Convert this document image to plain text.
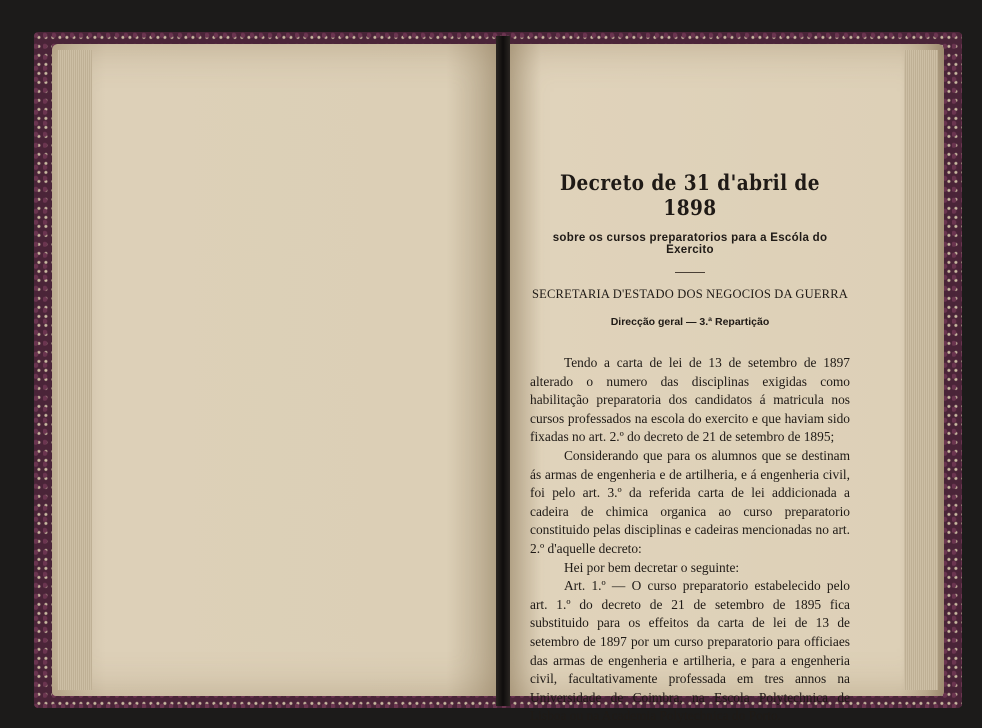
Decreto de 31 d'abril de 1898
sobre os cursos preparatorios para a Escóla do Exercito
SECRETARIA D'ESTADO DOS NEGOCIOS DA GUERRA
Direcção geral — 3.ª Repartição

Tendo a carta de lei de 13 de setembro de 1897 alterado o numero das disciplinas exigidas como habilitação preparatoria dos candidatos á matricula nos cursos professados na escola do exercito e que haviam sido fixadas no art. 2.º do decreto de 21 de setembro de 1895;

Considerando que para os alumnos que se destinam ás armas de engenheria e de artilheria, e á engenheria civil, foi pelo art. 3.º da referida carta de lei addicionada a cadeira de chimica organica ao curso preparatorio constituido pelas disciplinas e cadeiras mencionadas no art. 2.º d'aquelle decreto:

Hei por bem decretar o seguinte:

Art. 1.º — O curso preparatorio estabelecido pelo art. 1.º do decreto de 21 de setembro de 1895 fica substituido para os effeitos da carta de lei de 13 de setembro de 1897 por um curso preparatorio para officiaes das armas de engenheria e artilheria, e para a engenheria civil, facultativamente professada em tres annos na Universidade de Coimbra, na Escola Polytechnica de Lisboa ou na Academia Polytechnica do Porto.
